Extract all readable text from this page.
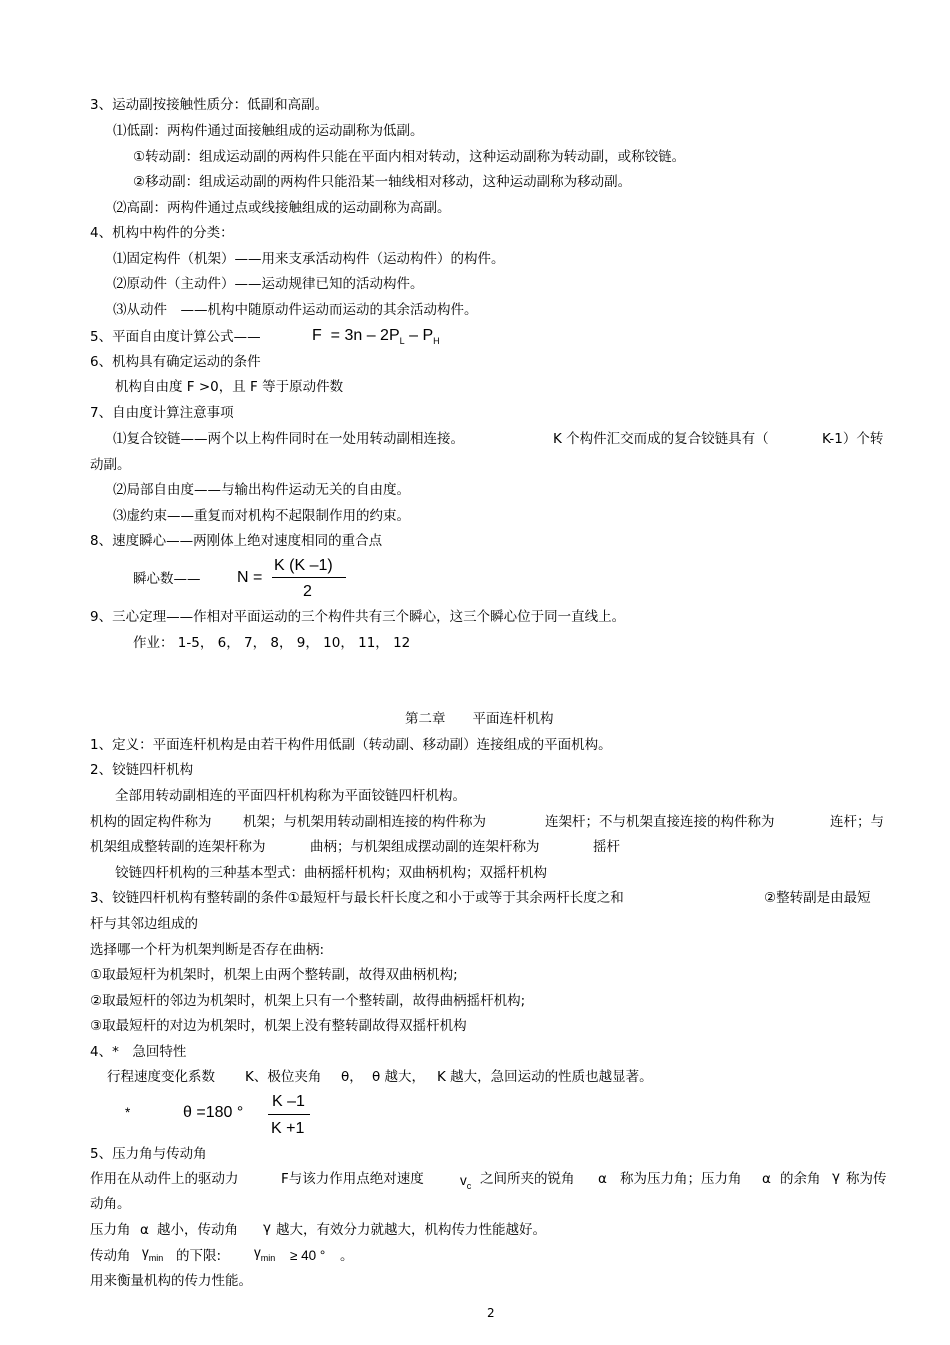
3、运动副按接触性质分：低副和高副。
⑴低副：两构件通过面接触组成的运动副称为低副。
①转动副：组成运动副的两构件只能在平面内相对转动，这种运动副称为转动副，或称铰链。
②移动副：组成运动副的两构件只能沿某一轴线相对移动，这种运动副称为移动副。
⑵高副：两构件通过点或线接触组成的运动副称为高副。
4、机构中构件的分类：
⑴固定构件（机架）——用来支承活动构件（运动构件）的构件。
⑵原动件（主动件）——运动规律已知的活动构件。
⑶从动件　——机构中随原动件运动而运动的其余活动构件。
5、平面自由度计算公式——	$F = 3n - 2P_L - P_H$
6、机构具有确定运动的条件
机构自由度 F >0，且 F 等于原动件数
7、自由度计算注意事项
⑴复合铰链——两个以上构件同时在一处用转动副相连接。	K 个构件汇交而成的复合铰链具有（	K-1）个转
动副。
⑵局部自由度——与输出构件运动无关的自由度。
⑶虚约束——重复而对机构不起限制作用的约束。
8、速度瞬心——两刚体上绝对速度相同的重合点
瞬心数—— N =
K (K –1)
2
9、三心定理——作相对平面运动的三个构件共有三个瞬心，这三个瞬心位于同一直线上。
作业： 1-5， 6， 7， 8， 9， 10， 11， 12
第二章　　平面连杆机构
1、定义：平面连杆机构是由若干构件用低副（转动副、移动副）连接组成的平面机构。
2、铰链四杆机构
全部用转动副相连的平面四杆机构称为平面铰链四杆机构。
机构的固定构件称为 机架；与机架用转动副相连接的构件称为	连架杆；不与机架直接连接的构件称为	连杆；与
机架组成整转副的连架杆称为	曲柄；与机架组成摆动副的连架杆称为	摇杆
铰链四杆机构的三种基本型式：曲柄摇杆机构；双曲柄机构；双摇杆机构
3、铰链四杆机构有整转副的条件①最短杆与最长杆长度之和小于或等于其余两杆长度之和	②整转副是由最短
杆与其邻边组成的
选择哪一个杆为机架判断是否存在曲柄:
①取最短杆为机架时，机架上由两个整转副，故得双曲柄机构;
②取最短杆的邻边为机架时，机架上只有一个整转副，故得曲柄摇杆机构;
③取最短杆的对边为机架时，机架上没有整转副故得双摇杆机构
4、*　急回特性
行程速度变化系数 K、极位夹角 θ， θ 越大， K 越大，急回运动的性质也越显著。
*	θ =180 °
K –1
K +1
5、压力角与传动角
作用在从动件上的驱动力	F与该力作用点绝对速度	$v_c$ 之间所夹的锐角 α 称为压力角；压力角 α 的余角 γ 称为传
动角。
压力角 α 越小，传动角 γ 越大，有效分力就越大，机构传力性能越好。
传动角 $\gamma_{min}$ 的下限: $\gamma_{min} \ge 40$ ° 。
用来衡量机构的传力性能。
2
